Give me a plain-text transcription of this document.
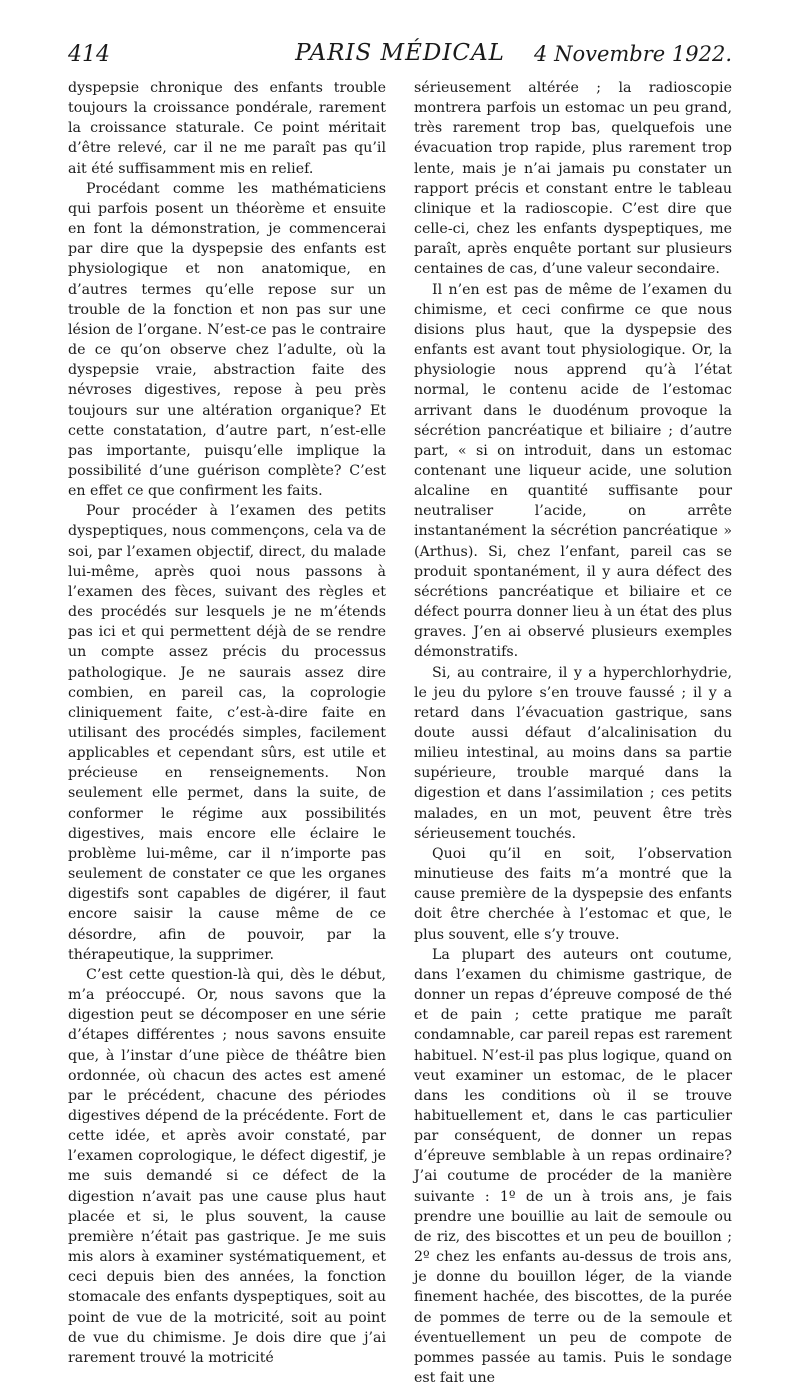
414	PARIS MÉDICAL	4 Novembre 1922.

dyspepsie chronique des enfants trouble toujours la croissance pondérale, rarement la croissance staturale. Ce point méritait d’être relevé, car il ne me paraît pas qu’il ait été suffisamment mis en relief.

Procédant comme les mathématiciens qui parfois posent un théorème et ensuite en font la démonstration, je commencerai par dire que la dyspepsie des enfants est physiologique et non anatomique, en d’autres termes qu’elle repose sur un trouble de la fonction et non pas sur une lésion de l’organe. N’est-ce pas le contraire de ce qu’on observe chez l’adulte, où la dyspepsie vraie, abstraction faite des névroses digestives, repose à peu près toujours sur une altération organique? Et cette constatation, d’autre part, n’est-elle pas importante, puisqu’elle implique la possibilité d’une guérison complète? C’est en effet ce que confirment les faits.

Pour procéder à l’examen des petits dyspeptiques, nous commençons, cela va de soi, par l’examen objectif, direct, du malade lui-même, après quoi nous passons à l’examen des fèces, suivant des règles et des procédés sur lesquels je ne m’étends pas ici et qui permettent déjà de se rendre un compte assez précis du processus pathologique. Je ne saurais assez dire combien, en pareil cas, la coprologie cliniquement faite, c’est-à-dire faite en utilisant des procédés simples, facilement applicables et cependant sûrs, est utile et précieuse en renseignements. Non seulement elle permet, dans la suite, de conformer le régime aux possibilités digestives, mais encore elle éclaire le problème lui-même, car il n’importe pas seulement de constater ce que les organes digestifs sont capables de digérer, il faut encore saisir la cause même de ce désordre, afin de pouvoir, par la thérapeutique, la supprimer.

C’est cette question-là qui, dès le début, m’a préoccupé. Or, nous savons que la digestion peut se décomposer en une série d’étapes différentes ; nous savons ensuite que, à l’instar d’une pièce de théâtre bien ordonnée, où chacun des actes est amené par le précédent, chacune des périodes digestives dépend de la précédente. Fort de cette idée, et après avoir constaté, par l’examen coprologique, le défect digestif, je me suis demandé si ce défect de la digestion n’avait pas une cause plus haut placée et si, le plus souvent, la cause première n’était pas gastrique. Je me suis mis alors à examiner systématiquement, et ceci depuis bien des années, la fonction stomacale des enfants dyspeptiques, soit au point de vue de la motricité, soit au point de vue du chimisme. Je dois dire que j’ai rarement trouvé la motricité

sérieusement altérée ; la radioscopie montrera parfois un estomac un peu grand, très rarement trop bas, quelquefois une évacuation trop rapide, plus rarement trop lente, mais je n’ai jamais pu constater un rapport précis et constant entre le tableau clinique et la radioscopie. C’est dire que celle-ci, chez les enfants dyspeptiques, me paraît, après enquête portant sur plusieurs centaines de cas, d’une valeur secondaire.

Il n’en est pas de même de l’examen du chimisme, et ceci confirme ce que nous disions plus haut, que la dyspepsie des enfants est avant tout physiologique. Or, la physiologie nous apprend qu’à l’état normal, le contenu acide de l’estomac arrivant dans le duodénum provoque la sécrétion pancréatique et biliaire ; d’autre part, « si on introduit, dans un estomac contenant une liqueur acide, une solution alcaline en quantité suffisante pour neutraliser l’acide, on arrête instantanément la sécrétion pancréatique » (Arthus). Si, chez l’enfant, pareil cas se produit spontanément, il y aura défect des sécrétions pancréatique et biliaire et ce défect pourra donner lieu à un état des plus graves. J’en ai observé plusieurs exemples démonstratifs.

Si, au contraire, il y a hyperchlorhydrie, le jeu du pylore s’en trouve faussé ; il y a retard dans l’évacuation gastrique, sans doute aussi défaut d’alcalinisation du milieu intestinal, au moins dans sa partie supérieure, trouble marqué dans la digestion et dans l’assimilation ; ces petits malades, en un mot, peuvent être très sérieusement touchés.

Quoi qu’il en soit, l’observation minutieuse des faits m’a montré que la cause première de la dyspepsie des enfants doit être cherchée à l’estomac et que, le plus souvent, elle s’y trouve.

La plupart des auteurs ont coutume, dans l’examen du chimisme gastrique, de donner un repas d’épreuve composé de thé et de pain ; cette pratique me paraît condamnable, car pareil repas est rarement habituel. N’est-il pas plus logique, quand on veut examiner un estomac, de le placer dans les conditions où il se trouve habituellement et, dans le cas particulier par conséquent, de donner un repas d’épreuve semblable à un repas ordinaire? J’ai coutume de procéder de la manière suivante : 1º de un à trois ans, je fais prendre une bouillie au lait de semoule ou de riz, des biscottes et un peu de bouillon ; 2º chez les enfants au-dessus de trois ans, je donne du bouillon léger, de la viande finement hachée, des biscottes, de la purée de pommes de terre ou de la semoule et éventuellement un peu de compote de pommes passée au tamis. Puis le sondage est fait une
